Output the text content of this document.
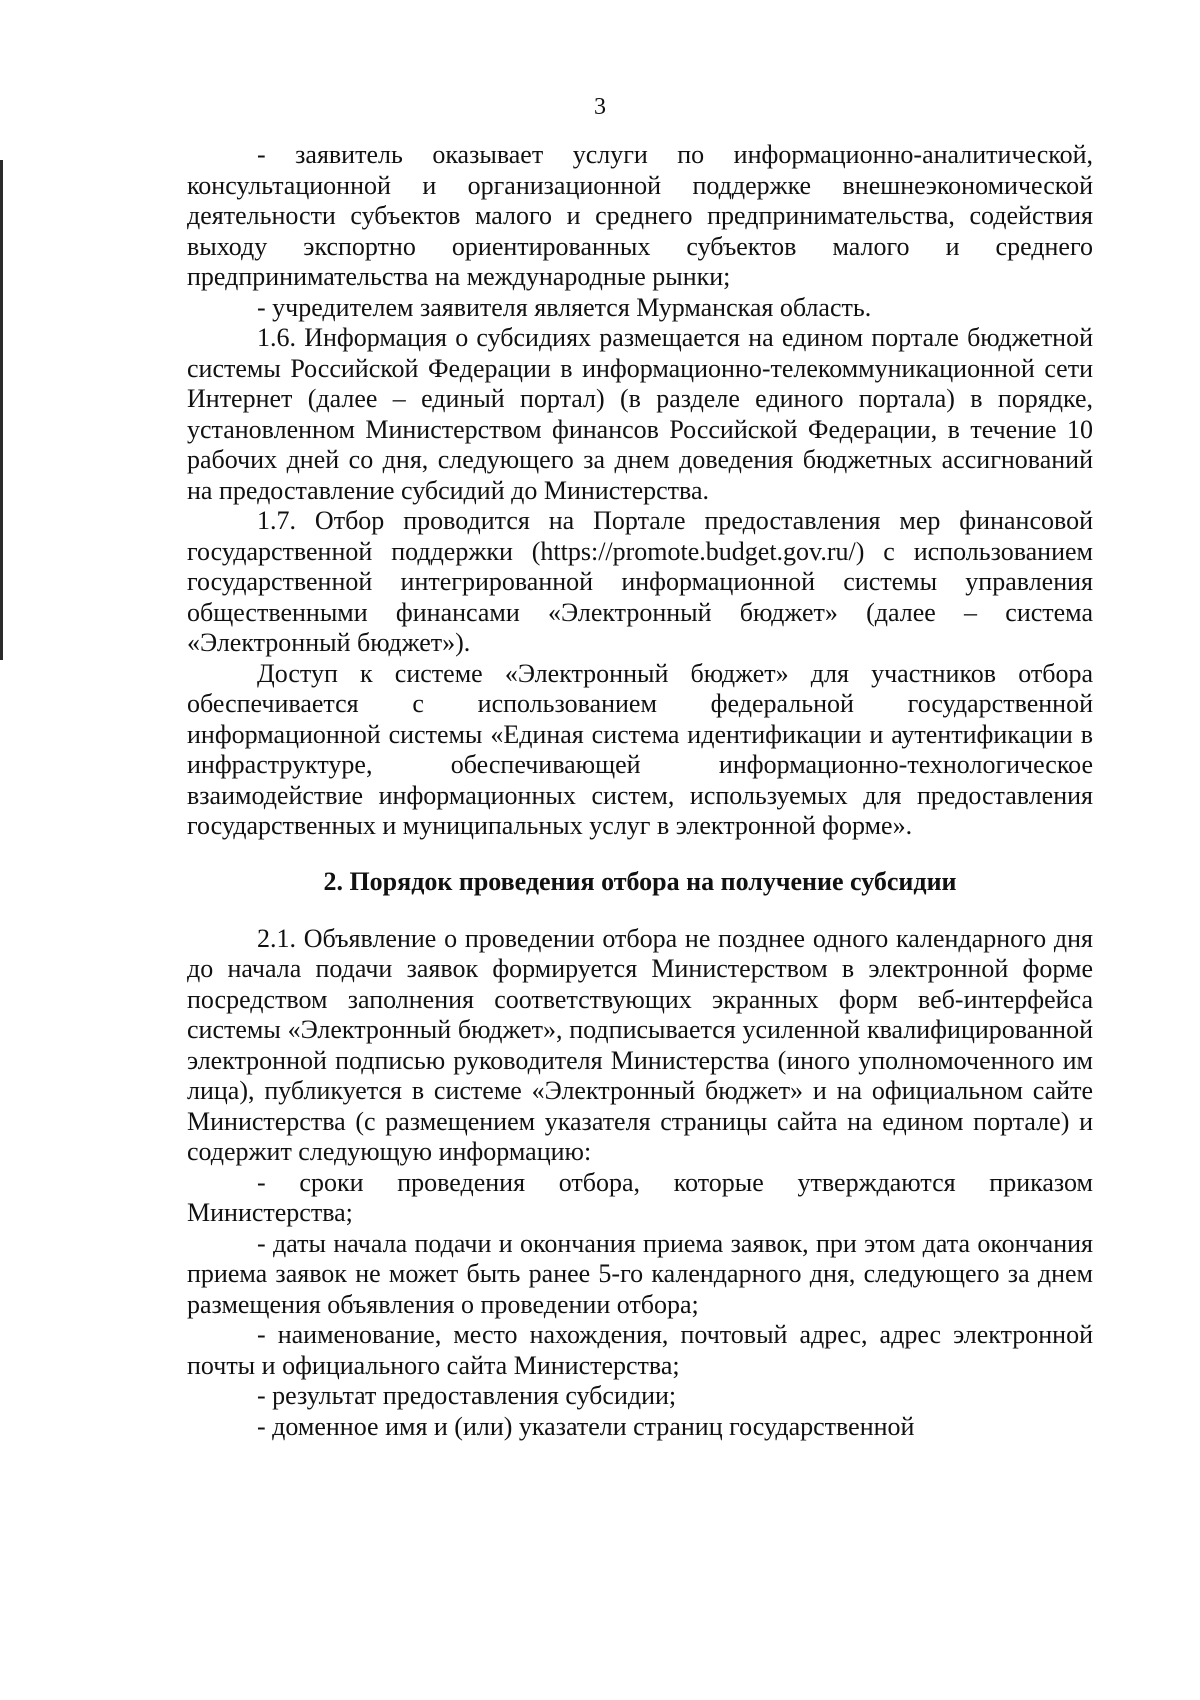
3

- заявитель оказывает услуги по информационно-аналитической, консультационной и организационной поддержке внешнеэкономической деятельности субъектов малого и среднего предпринимательства, содействия выходу экспортно ориентированных субъектов малого и среднего предпринимательства на международные рынки;

- учредителем заявителя является Мурманская область.

1.6. Информация о субсидиях размещается на едином портале бюджетной системы Российской Федерации в информационно-телекоммуникационной сети Интернет (далее – единый портал) (в разделе единого портала) в порядке, установленном Министерством финансов Российской Федерации, в течение 10 рабочих дней со дня, следующего за днем доведения бюджетных ассигнований на предоставление субсидий до Министерства.

1.7. Отбор проводится на Портале предоставления мер финансовой государственной поддержки (https://promote.budget.gov.ru/) с использованием государственной интегрированной информационной системы управления общественными финансами «Электронный бюджет» (далее – система «Электронный бюджет»).

Доступ к системе «Электронный бюджет» для участников отбора обеспечивается с использованием федеральной государственной информационной системы «Единая система идентификации и аутентификации в инфраструктуре, обеспечивающей информационно-технологическое взаимодействие информационных систем, используемых для предоставления государственных и муниципальных услуг в электронной форме».

2. Порядок проведения отбора на получение субсидии

2.1. Объявление о проведении отбора не позднее одного календарного дня до начала подачи заявок формируется Министерством в электронной форме посредством заполнения соответствующих экранных форм веб-интерфейса системы «Электронный бюджет», подписывается усиленной квалифицированной электронной подписью руководителя Министерства (иного уполномоченного им лица), публикуется в системе «Электронный бюджет» и на официальном сайте Министерства (с размещением указателя страницы сайта на едином портале) и содержит следующую информацию:

- сроки проведения отбора, которые утверждаются приказом Министерства;

- даты начала подачи и окончания приема заявок, при этом дата окончания приема заявок не может быть ранее 5-го календарного дня, следующего за днем размещения объявления о проведении отбора;

- наименование, место нахождения, почтовый адрес, адрес электронной почты и официального сайта Министерства;

- результат предоставления субсидии;

- доменное имя и (или) указатели страниц государственной
